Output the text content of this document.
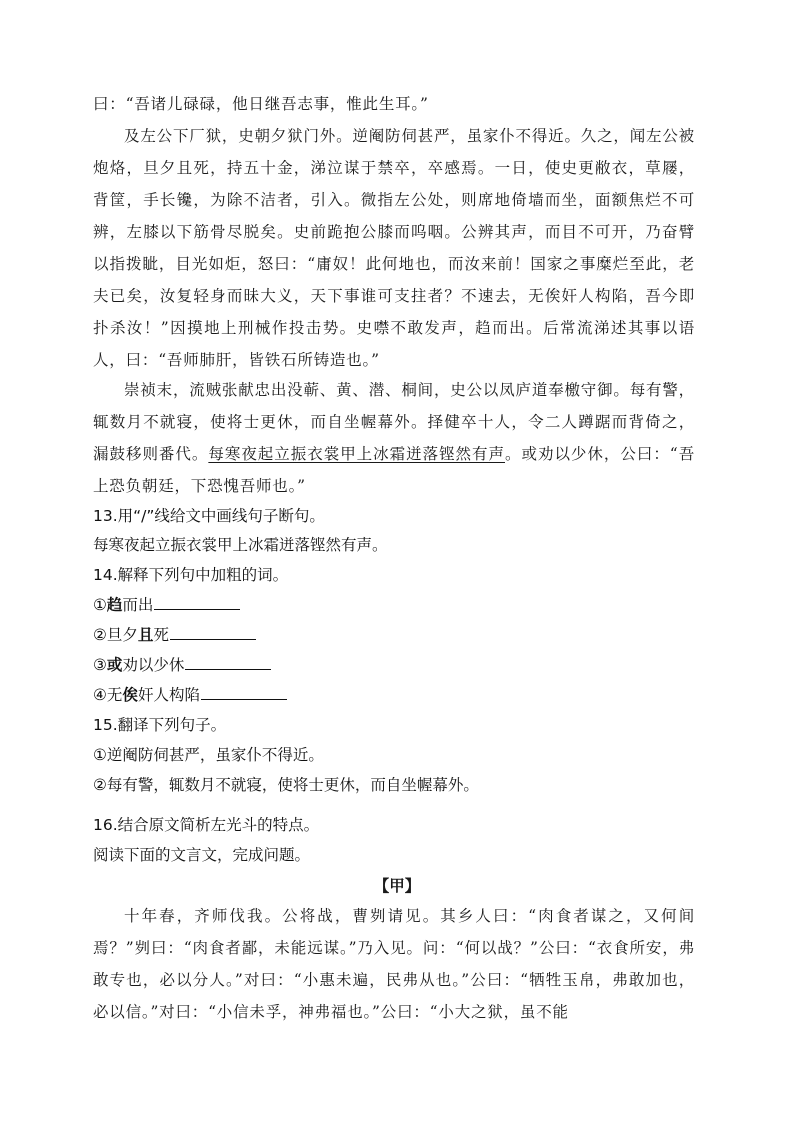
曰：“吾诸儿碌碌，他日继吾志事，惟此生耳。”
及左公下厂狱，史朝夕狱门外。逆阉防伺甚严，虽家仆不得近。久之，闻左公被炮烙，旦夕且死，持五十金，涕泣谋于禁卒，卒感焉。一日，使史更敝衣，草屦，背筐，手长镵，为除不洁者，引入。微指左公处，则席地倚墙而坐，面额焦烂不可辨，左膝以下筋骨尽脱矣。史前跪抱公膝而呜咽。公辨其声，而目不可开，乃奋臂以指拨眦，目光如炬，怒曰：“庸奴！此何地也，而汝来前！国家之事糜烂至此，老夫已矣，汝复轻身而昧大义，天下事谁可支拄者？不速去，无俟奸人构陷，吾今即扑杀汝！”因摸地上刑械作投击势。史噤不敢发声，趋而出。后常流涕述其事以语人，曰：“吾师肺肝，皆铁石所铸造也。”
崇祯末，流贼张献忠出没蕲、黄、潜、桐间，史公以凤庐道奉檄守御。每有警，辄数月不就寝，使将士更休，而自坐幄幕外。择健卒十人，令二人蹲踞而背倚之，漏鼓移则番代。每寒夜起立振衣裳甲上冰霜迸落铿然有声。或劝以少休，公曰：“吾上恐负朝廷，下恐愧吾师也。”
13.用“/”线给文中画线句子断句。
每寒夜起立振衣裳甲上冰霜迸落铿然有声。
14.解释下列句中加粗的词。
①趋而出
②旦夕且死
③或劝以少休
④无俟奸人构陷
15.翻译下列句子。
①逆阉防伺甚严，虽家仆不得近。
②每有警，辄数月不就寝，使将士更休，而自坐幄幕外。
16.结合原文简析左光斗的特点。
阅读下面的文言文，完成问题。
【甲】
十年春，齐师伐我。公将战，曹刿请见。其乡人曰：“肉食者谋之，又何间焉？”刿曰：“肉食者鄙，未能远谋。”乃入见。问：“何以战？”公曰：“衣食所安，弗敢专也，必以分人。”对曰：“小惠未遍，民弗从也。”公曰：“牺牲玉帛，弗敢加也，必以信。”对曰：“小信未孚，神弗福也。”公曰：“小大之狱，虽不能
